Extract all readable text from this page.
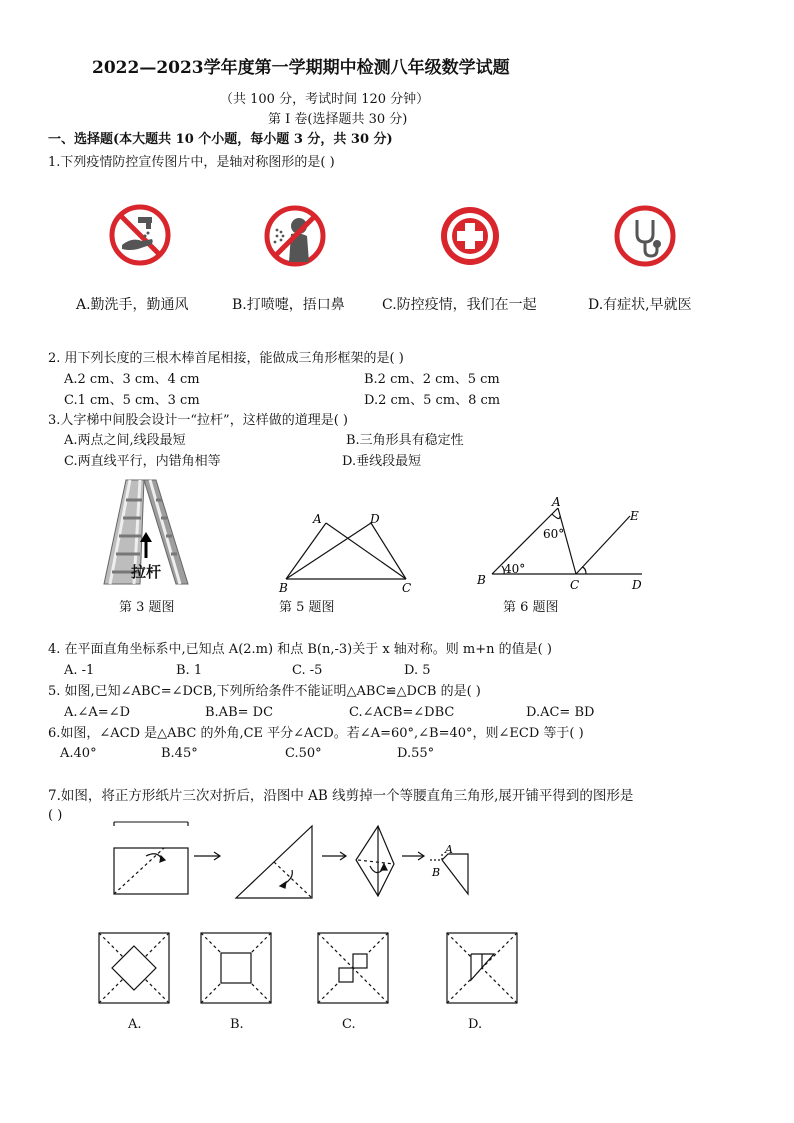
2022—2023学年度第一学期期中检测八年级数学试题
（共 100 分，考试时间 120 分钟）
第 I 卷(选择题共 30 分)
一、选择题(本大题共 10 个小题，每小题 3 分，共 30 分)
1.下列疫情防控宣传图片中，是轴对称图形的是( )
A.勤洗手，勤通风	B.打喷嚏，捂口鼻	C.防控疫情，我们在一起	D.有症状,早就医
2. 用下列长度的三根木棒首尾相接，能做成三角形框架的是( )
A.2 cm、3 cm、4 cm	B.2 cm、2 cm、5 cm
C.1 cm、5 cm、3 cm	D.2 cm、5 cm、8 cm
3.人字梯中间股会设计一“拉杆”，这样做的道理是( )
A.两点之间,线段最短	B.三角形具有稳定性
C.两直线平行，内错角相等	D.垂线段最短
拉杆
第 3 题图
A	D
B	C
第 5 题图
A
E
B	C	D
60°
40°
第 6 题图
4. 在平面直角坐标系中,已知点 A(2.m) 和点 B(n,-3)关于 x 轴对称。则 m+n 的值是( )
A. -1	B. 1	C. -5	D. 5
5. 如图,已知∠ABC=∠DCB,下列所给条件不能证明△ABC≌△DCB 的是( )
A.∠A=∠D	B.AB= DC	C.∠ACB=∠DBC	D.AC= BD
6.如图，∠ACD 是△ABC 的外角,CE 平分∠ACD。若∠A=60°,∠B=40°，则∠ECD 等于( )
A.40°	B.45°	C.50°	D.55°
7.如图，将正方形纸片三次对折后，沿图中 AB 线剪掉一个等腰直角三角形,展开铺平得到的图形是
( )
A
B
A.	B.	C.	D.
